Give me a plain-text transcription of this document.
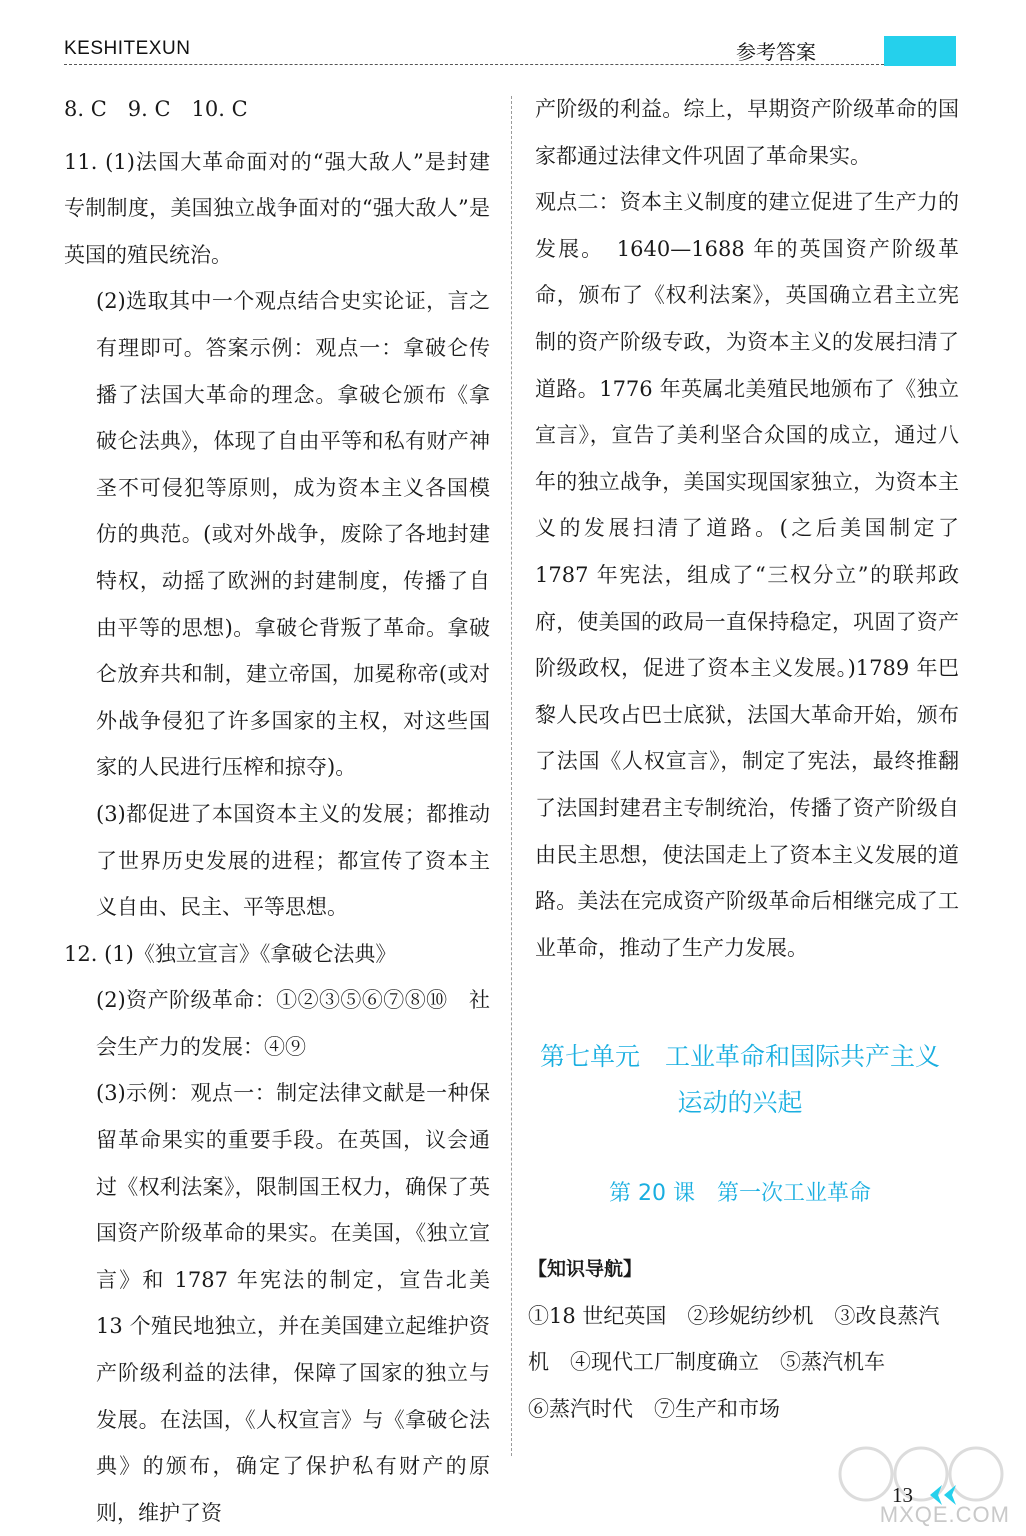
KESHITEXUN	参考答案

8. C　9. C　10. C

11. (1)法国大革命面对的“强大敌人”是封建专制制度，美国独立战争面对的“强大敌人”是英国的殖民统治。

(2)选取其中一个观点结合史实论证，言之有理即可。答案示例：观点一：拿破仑传播了法国大革命的理念。拿破仑颁布《拿破仑法典》，体现了自由平等和私有财产神圣不可侵犯等原则，成为资本主义各国模仿的典范。(或对外战争，废除了各地封建特权，动摇了欧洲的封建制度，传播了自由平等的思想)。拿破仑背叛了革命。拿破仑放弃共和制，建立帝国，加冕称帝(或对外战争侵犯了许多国家的主权，对这些国家的人民进行压榨和掠夺)。

(3)都促进了本国资本主义的发展；都推动了世界历史发展的进程；都宣传了资本主义自由、民主、平等思想。

12. (1)《独立宣言》《拿破仑法典》

(2)资产阶级革命：①②③⑤⑥⑦⑧⑩　社会生产力的发展：④⑨

(3)示例：观点一：制定法律文献是一种保留革命果实的重要手段。在英国，议会通过《权利法案》，限制国王权力，确保了英国资产阶级革命的果实。在美国，《独立宣言》和 1787 年宪法的制定，宣告北美 13 个殖民地独立，并在美国建立起维护资产阶级利益的法律，保障了国家的独立与发展。在法国，《人权宣言》与《拿破仑法典》的颁布，确定了保护私有财产的原则，维护了资

产阶级的利益。综上，早期资产阶级革命的国家都通过法律文件巩固了革命果实。

观点二：资本主义制度的建立促进了生产力的发展。　1640—1688 年的英国资产阶级革命，颁布了《权利法案》，英国确立君主立宪制的资产阶级专政，为资本主义的发展扫清了道路。1776 年英属北美殖民地颁布了《独立宣言》，宣告了美利坚合众国的成立，通过八年的独立战争，美国实现国家独立，为资本主义的发展扫清了道路。(之后美国制定了 1787 年宪法，组成了“三权分立”的联邦政府，使美国的政局一直保持稳定，巩固了资产阶级政权，促进了资本主义发展。)1789 年巴黎人民攻占巴士底狱，法国大革命开始，颁布了法国《人权宣言》，制定了宪法，最终推翻了法国封建君主专制统治，传播了资产阶级自由民主思想，使法国走上了资本主义发展的道路。美法在完成资产阶级革命后相继完成了工业革命，推动了生产力发展。

第七单元　工业革命和国际共产主义
运动的兴起
第 20 课　第一次工业革命

【知识导航】

①18 世纪英国　②珍妮纺纱机　③改良蒸汽

机　④现代工厂制度确立　⑤蒸汽机车

⑥蒸汽时代　⑦生产和市场

MXQE.COM
13
